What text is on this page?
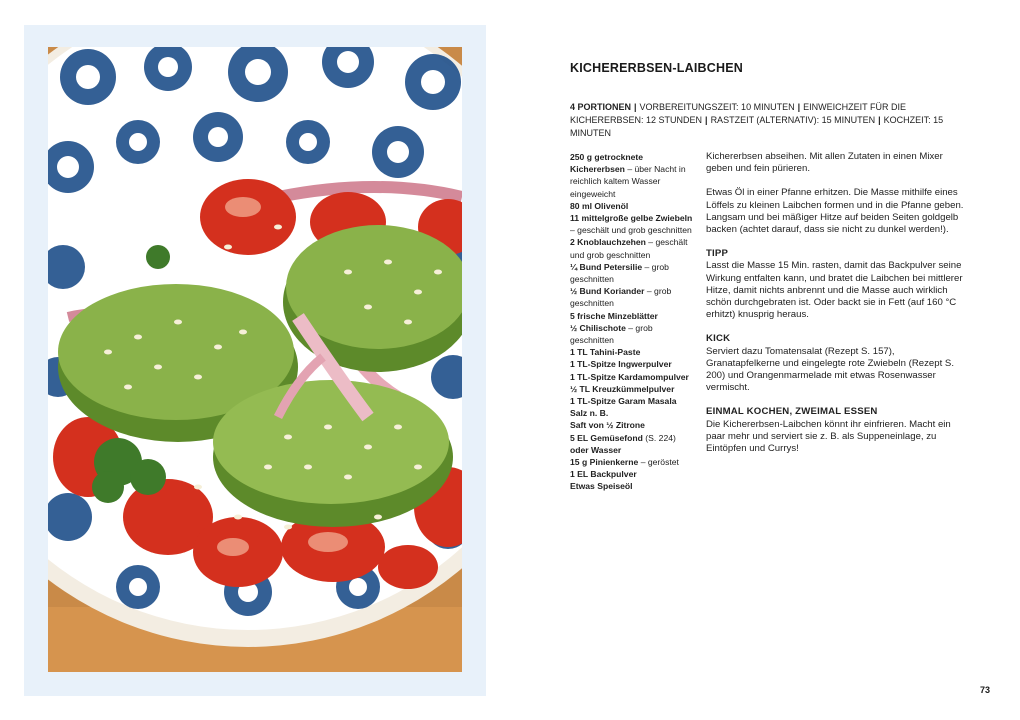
KICHERERBSEN-LAIBCHEN
4 PORTIONEN | VORBEREITUNGSZEIT: 10 MINUTEN | EINWEICHZEIT FÜR DIE KICHERERBSEN: 12 STUNDEN | RASTZEIT (ALTERNATIV): 15 MINUTEN | KOCHZEIT: 15 MINUTEN
250 g getrocknete Kichererbsen – über Nacht in reichlich kaltem Wasser eingeweicht
80 ml Olivenöl
11 mittelgroße gelbe Zwiebeln – geschält und grob geschnitten
2 Knoblauchzehen – geschält und grob geschnitten
¼ Bund Petersilie – grob geschnitten
½ Bund Koriander – grob geschnitten
5 frische Minzeblätter
½ Chilischote – grob geschnitten
1 TL Tahini-Paste
1 TL-Spitze Ingwerpulver
1 TL-Spitze Kardamompulver
½ TL Kreuzkümmelpulver
1 TL-Spitze Garam Masala
Salz n. B.
Saft von ½ Zitrone
5 EL Gemüsefond (S. 224)
oder Wasser
15 g Pinienkerne – geröstet
1 EL Backpulver
Etwas Speiseöl

Kichererbsen abseihen. Mit allen Zutaten in einen Mixer geben und fein pürieren.

Etwas Öl in einer Pfanne erhitzen. Die Masse mithilfe eines Löffels zu kleinen Laibchen formen und in die Pfanne geben. Langsam und bei mäßiger Hitze auf beiden Seiten goldgelb backen (achtet darauf, dass sie nicht zu dunkel werden!).

TIPP

Lasst die Masse 15 Min. rasten, damit das Backpulver seine Wirkung entfalten kann, und bratet die Laibchen bei mittlerer Hitze, damit nichts anbrennt und die Masse auch wirklich schön durchgebraten ist. Oder backt sie in Fett (auf 160 °C erhitzt) knusprig heraus.

KICK

Serviert dazu Tomatensalat (Rezept S. 157), Granatapfelkerne und eingelegte rote Zwiebeln (Rezept S. 200) und Orangenmarmelade mit etwas Rosenwasser vermischt.

EINMAL KOCHEN, ZWEIMAL ESSEN

Die Kichererbsen-Laibchen könnt ihr einfrieren. Macht ein paar mehr und serviert sie z. B. als Suppeneinlage, zu Eintöpfen und Currys!

73
